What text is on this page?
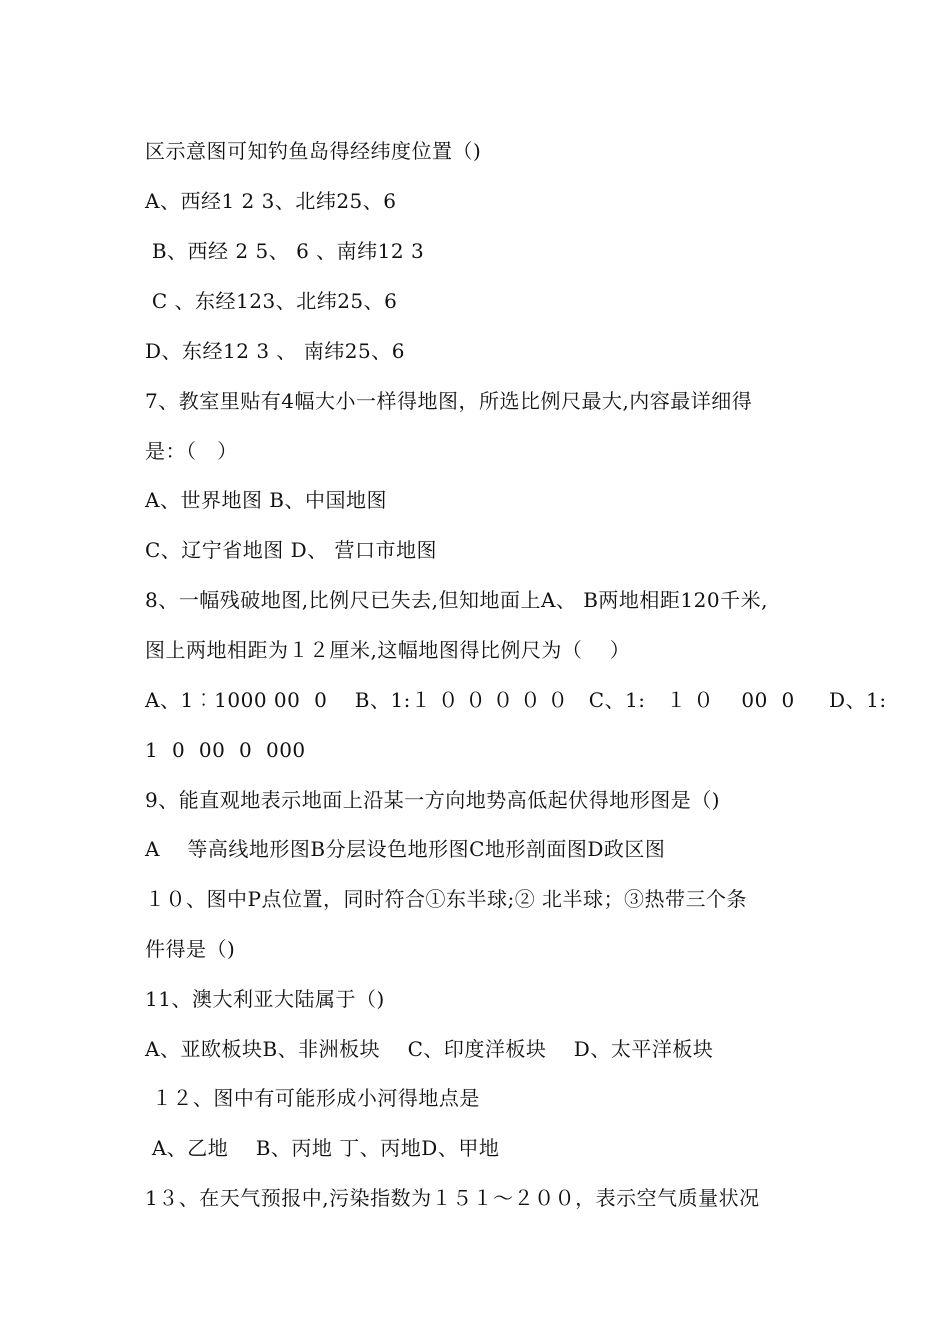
区示意图可知钓鱼岛得经纬度位置（)
A、西经1 2 3、北纬25、6
B、西经 2 5、 6 、南纬12 3
C 、东经123、北纬25、6
D、东经12 3 、 南纬25、6
7、教室里贴有4幅大小一样得地图，所选比例尺最大,内容最详细得
是：（   ）
A、世界地图 B、中国地图
C、辽宁省地图 D、 营口市地图
8、一幅残破地图,比例尺已失去,但知地面上A、 B两地相距120千米,
图上两地相距为１２厘米,这幅地图得比例尺为（    ）
A、1︰1000 00  0    B、1:１ ０ ０ ０ ０ ０   C、1:   １ ０    00  0     D、1:
1  0  00  0  000
9、能直观地表示地面上沿某一方向地势高低起伏得地形图是（)
A    等高线地形图B分层设色地形图C地形剖面图D政区图
１０、图中P点位置，同时符合①东半球;② 北半球；③热带三个条
件得是（)
11、澳大利亚大陆属于（)
A、亚欧板块B、非洲板块    C、印度洋板块    D、太平洋板块
１２、图中有可能形成小河得地点是
A、乙地    B、丙地 丁、丙地D、甲地
1３、在天气预报中,污染指数为１５１～２００，表示空气质量状况
